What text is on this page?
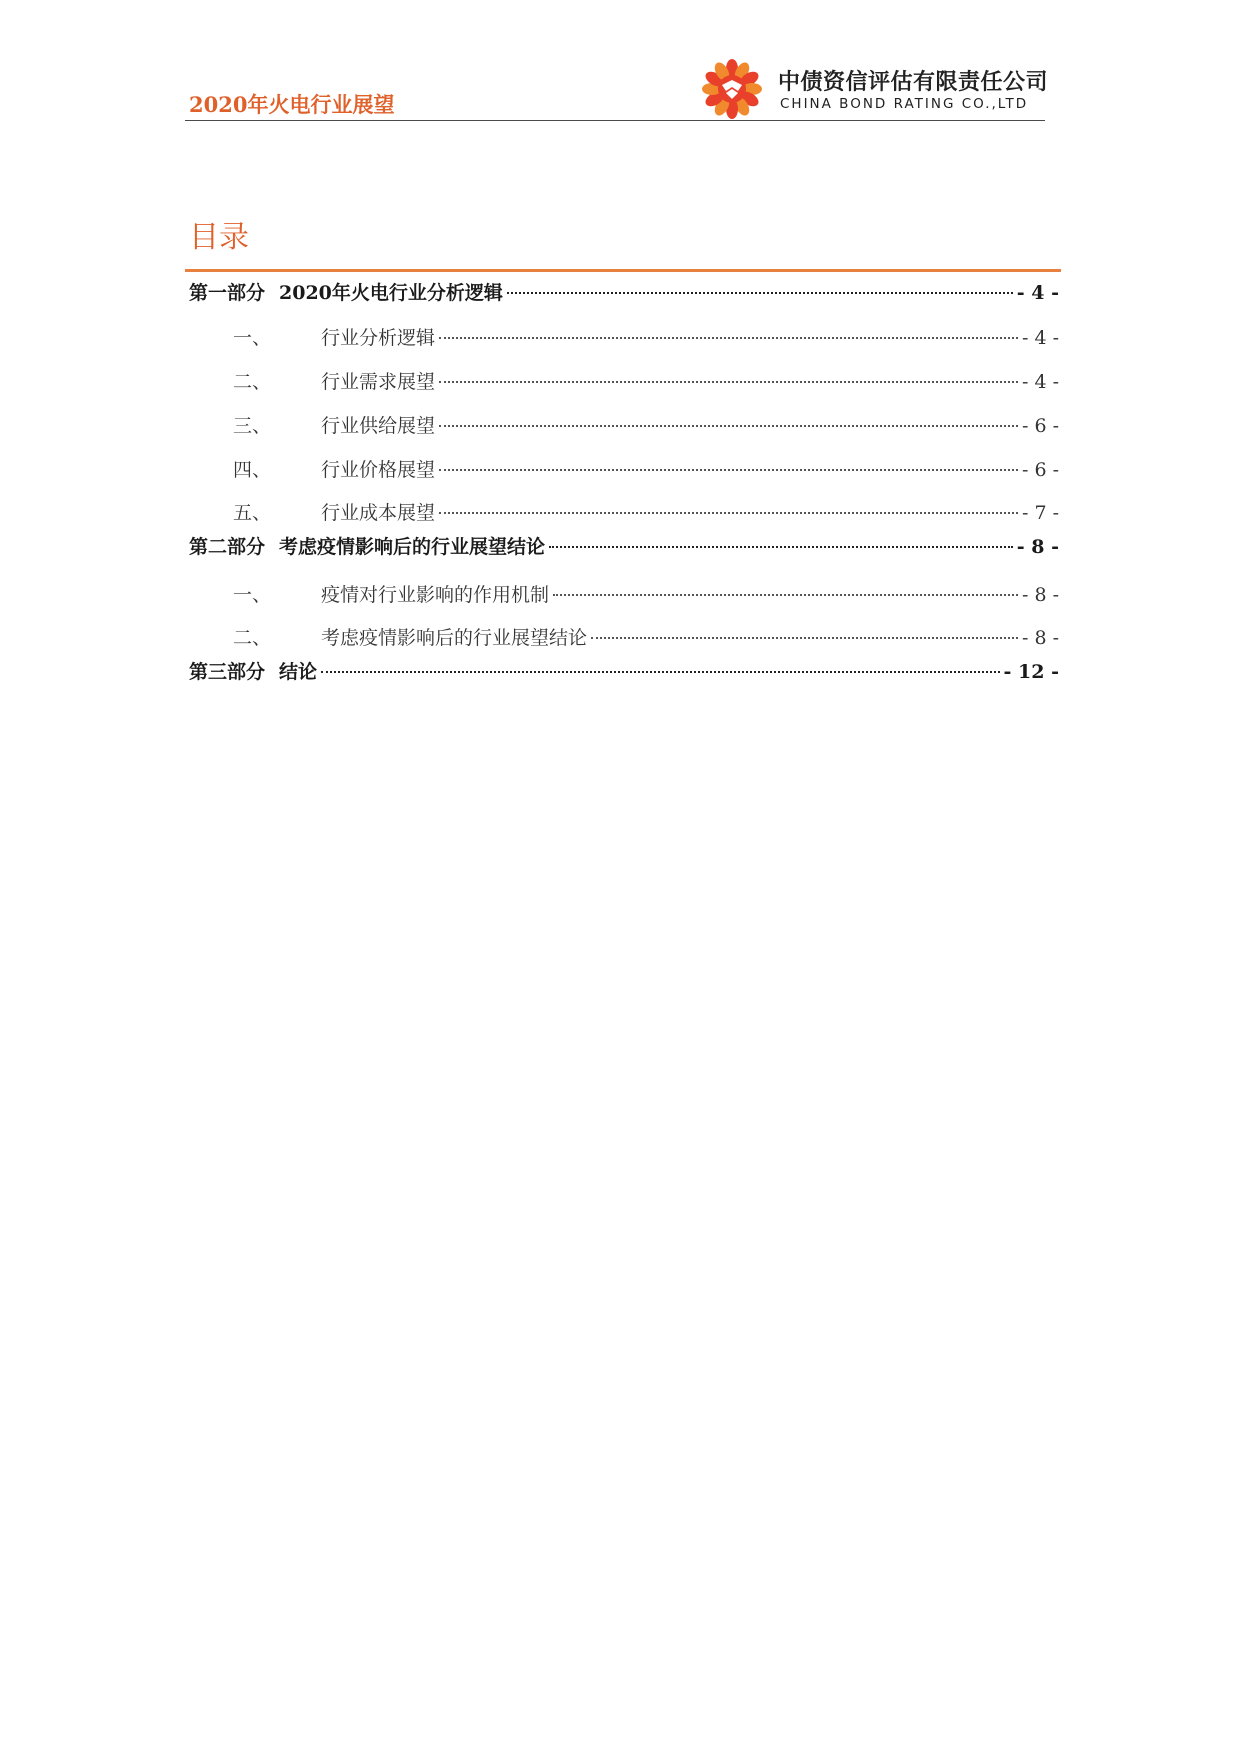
2020年火电行业展望
中债资信评估有限责任公司
CHINA BOND RATING CO.,LTD
目录
第一部分 2020年火电行业分析逻辑	- 4 -
一、	行业分析逻辑	- 4 -
二、	行业需求展望	- 4 -
三、	行业供给展望	- 6 -
四、	行业价格展望	- 6 -
五、	行业成本展望	- 7 -
第二部分 考虑疫情影响后的行业展望结论	- 8 -
一、	疫情对行业影响的作用机制	- 8 -
二、	考虑疫情影响后的行业展望结论	- 8 -
第三部分 结论	- 12 -
